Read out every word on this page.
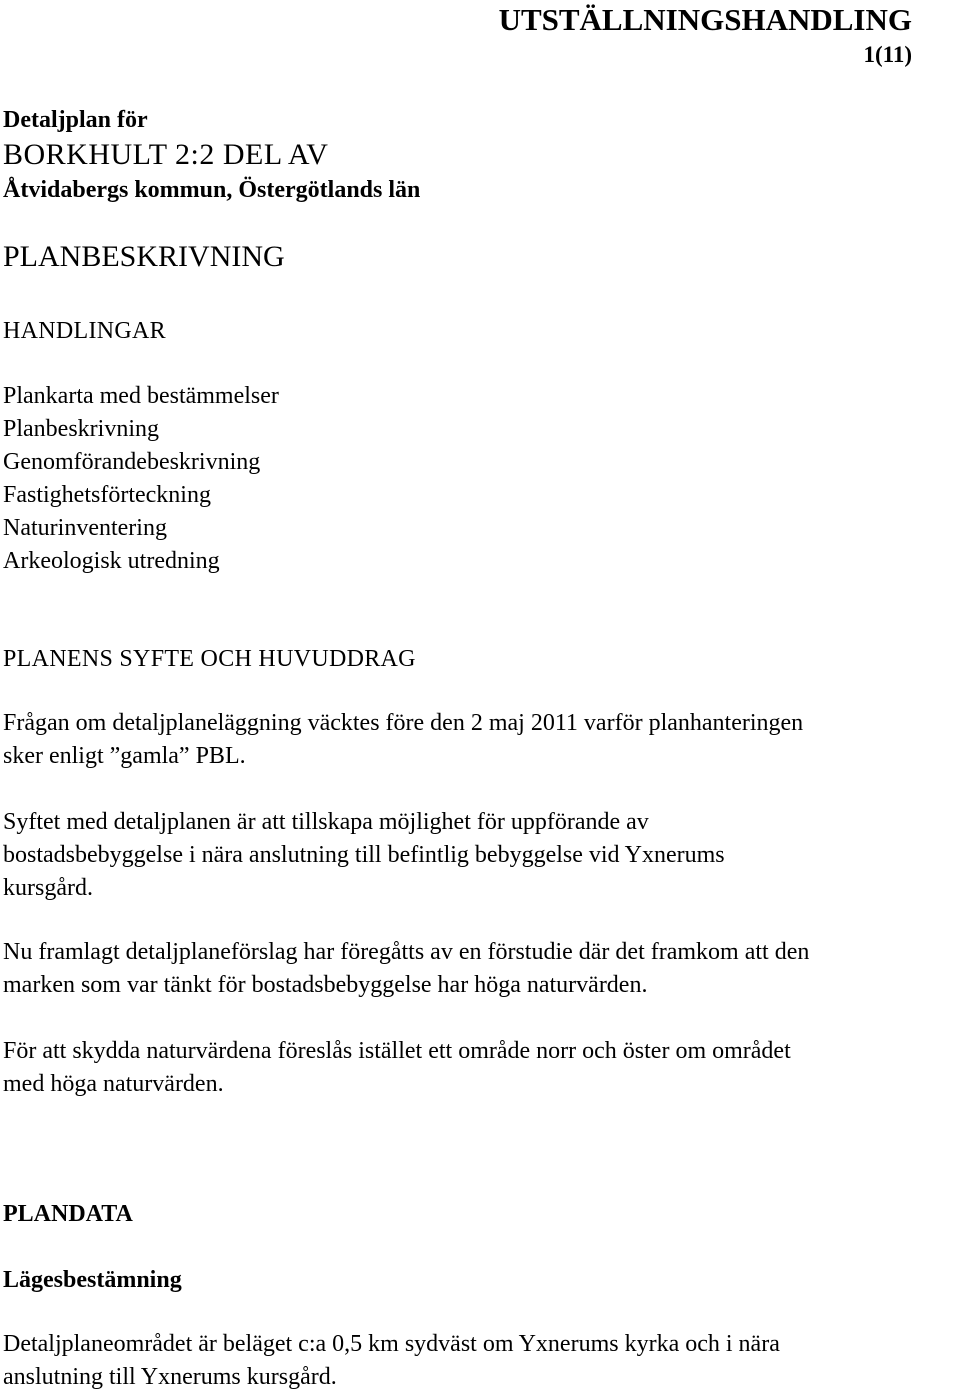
UTSTÄLLNINGSHANDLING
1(11)
Detaljplan för
BORKHULT 2:2 DEL AV
Åtvidabergs kommun, Östergötlands län
PLANBESKRIVNING
HANDLINGAR
Plankarta med bestämmelser
Planbeskrivning
Genomförandebeskrivning
Fastighetsförteckning
Naturinventering
Arkeologisk utredning
PLANENS SYFTE OCH HUVUDDRAG
Frågan om detaljplaneläggning väcktes före den 2 maj 2011 varför planhanteringen
sker enligt ”gamla” PBL.
Syftet med detaljplanen är att tillskapa möjlighet för uppförande av
bostadsbebyggelse i nära anslutning till befintlig bebyggelse vid Yxnerums
kursgård.
Nu framlagt detaljplaneförslag har föregåtts av en förstudie där det framkom att den
marken som var tänkt för bostadsbebyggelse har höga naturvärden.
För att skydda naturvärdena föreslås istället ett område norr och öster om området
med höga naturvärden.
PLANDATA
Lägesbestämning
Detaljplaneområdet är beläget c:a 0,5 km sydväst om Yxnerums kyrka och i nära
anslutning till Yxnerums kursgård.
